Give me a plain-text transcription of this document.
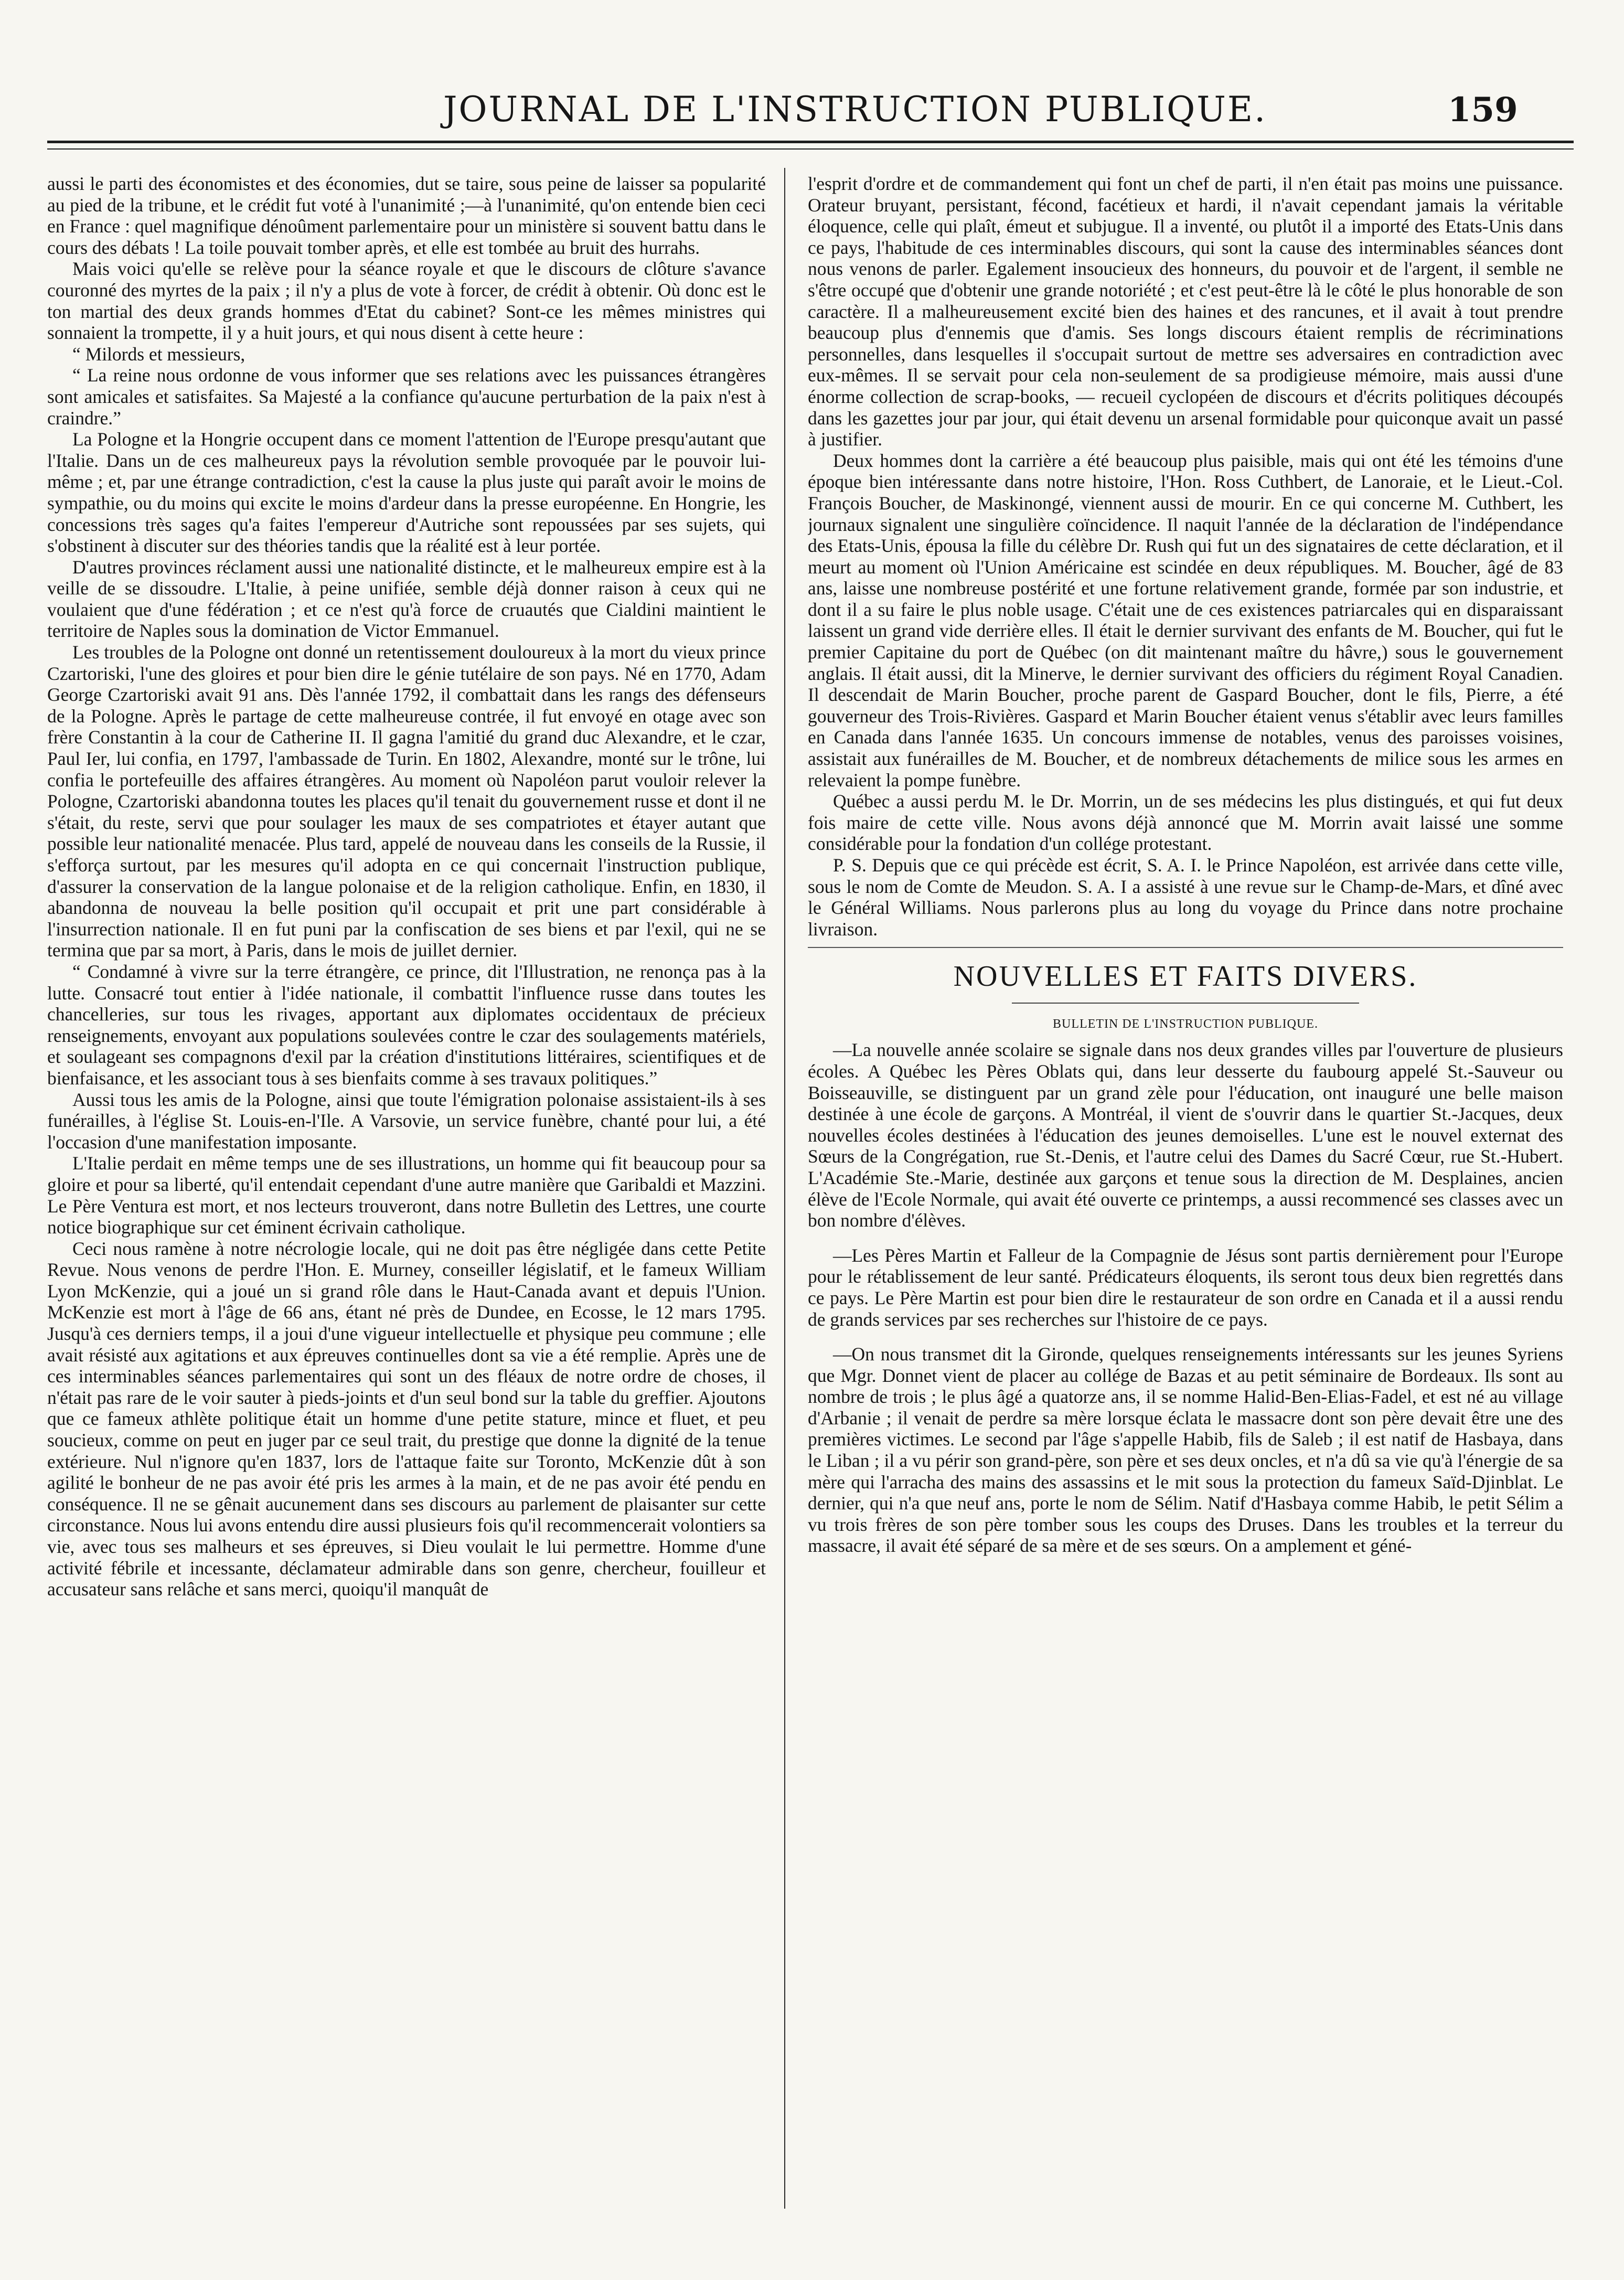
JOURNAL DE L'INSTRUCTION PUBLIQUE.	159

aussi le parti des économistes et des économies, dut se taire, sous peine de laisser sa popularité au pied de la tribune, et le crédit fut voté à l'unanimité ;—à l'unanimité, qu'on entende bien ceci en France : quel magnifique dénoûment parlementaire pour un ministère si souvent battu dans le cours des débats ! La toile pouvait tomber après, et elle est tombée au bruit des hurrahs.

Mais voici qu'elle se relève pour la séance royale et que le discours de clôture s'avance couronné des myrtes de la paix ; il n'y a plus de vote à forcer, de crédit à obtenir. Où donc est le ton martial des deux grands hommes d'Etat du cabinet? Sont-ce les mêmes ministres qui sonnaient la trompette, il y a huit jours, et qui nous disent à cette heure :

“ Milords et messieurs,

“ La reine nous ordonne de vous informer que ses relations avec les puissances étrangères sont amicales et satisfaites. Sa Majesté a la confiance qu'aucune perturbation de la paix n'est à craindre.”

La Pologne et la Hongrie occupent dans ce moment l'attention de l'Europe presqu'autant que l'Italie. Dans un de ces malheureux pays la révolution semble provoquée par le pouvoir lui-même ; et, par une étrange contradiction, c'est la cause la plus juste qui paraît avoir le moins de sympathie, ou du moins qui excite le moins d'ardeur dans la presse européenne. En Hongrie, les concessions très sages qu'a faites l'empereur d'Autriche sont repoussées par ses sujets, qui s'obstinent à discuter sur des théories tandis que la réalité est à leur portée.

D'autres provinces réclament aussi une nationalité distincte, et le malheureux empire est à la veille de se dissoudre. L'Italie, à peine unifiée, semble déjà donner raison à ceux qui ne voulaient que d'une fédération ; et ce n'est qu'à force de cruautés que Cialdini maintient le territoire de Naples sous la domination de Victor Emmanuel.

Les troubles de la Pologne ont donné un retentissement douloureux à la mort du vieux prince Czartoriski, l'une des gloires et pour bien dire le génie tutélaire de son pays. Né en 1770, Adam George Czartoriski avait 91 ans. Dès l'année 1792, il combattait dans les rangs des défenseurs de la Pologne. Après le partage de cette malheureuse contrée, il fut envoyé en otage avec son frère Constantin à la cour de Catherine II. Il gagna l'amitié du grand duc Alexandre, et le czar, Paul Ier, lui confia, en 1797, l'ambassade de Turin. En 1802, Alexandre, monté sur le trône, lui confia le portefeuille des affaires étrangères. Au moment où Napoléon parut vouloir relever la Pologne, Czartoriski abandonna toutes les places qu'il tenait du gouvernement russe et dont il ne s'était, du reste, servi que pour soulager les maux de ses compatriotes et étayer autant que possible leur nationalité menacée. Plus tard, appelé de nouveau dans les conseils de la Russie, il s'efforça surtout, par les mesures qu'il adopta en ce qui concernait l'instruction publique, d'assurer la conservation de la langue polonaise et de la religion catholique. Enfin, en 1830, il abandonna de nouveau la belle position qu'il occupait et prit une part considérable à l'insurrection nationale. Il en fut puni par la confiscation de ses biens et par l'exil, qui ne se termina que par sa mort, à Paris, dans le mois de juillet dernier.

“ Condamné à vivre sur la terre étrangère, ce prince, dit l'Illustration, ne renonça pas à la lutte. Consacré tout entier à l'idée nationale, il combattit l'influence russe dans toutes les chancelleries, sur tous les rivages, apportant aux diplomates occidentaux de précieux renseignements, envoyant aux populations soulevées contre le czar des soulagements matériels, et soulageant ses compagnons d'exil par la création d'institutions littéraires, scientifiques et de bienfaisance, et les associant tous à ses bienfaits comme à ses travaux politiques.”

Aussi tous les amis de la Pologne, ainsi que toute l'émigration polonaise assistaient-ils à ses funérailles, à l'église St. Louis-en-l'Ile. A Varsovie, un service funèbre, chanté pour lui, a été l'occasion d'une manifestation imposante.

L'Italie perdait en même temps une de ses illustrations, un homme qui fit beaucoup pour sa gloire et pour sa liberté, qu'il entendait cependant d'une autre manière que Garibaldi et Mazzini. Le Père Ventura est mort, et nos lecteurs trouveront, dans notre Bulletin des Lettres, une courte notice biographique sur cet éminent écrivain catholique.

Ceci nous ramène à notre nécrologie locale, qui ne doit pas être négligée dans cette Petite Revue. Nous venons de perdre l'Hon. E. Murney, conseiller législatif, et le fameux William Lyon McKenzie, qui a joué un si grand rôle dans le Haut-Canada avant et depuis l'Union. McKenzie est mort à l'âge de 66 ans, étant né près de Dundee, en Ecosse, le 12 mars 1795. Jusqu'à ces derniers temps, il a joui d'une vigueur intellectuelle et physique peu commune ; elle avait résisté aux agitations et aux épreuves continuelles dont sa vie a été remplie. Après une de ces interminables séances parlementaires qui sont un des fléaux de notre ordre de choses, il n'était pas rare de le voir sauter à pieds-joints et d'un seul bond sur la table du greffier. Ajoutons que ce fameux athlète politique était un homme d'une petite stature, mince et fluet, et peu soucieux, comme on peut en juger par ce seul trait, du prestige que donne la dignité de la tenue extérieure. Nul n'ignore qu'en 1837, lors de l'attaque faite sur Toronto, McKenzie dût à son agilité le bonheur de ne pas avoir été pris les armes à la main, et de ne pas avoir été pendu en conséquence. Il ne se gênait aucunement dans ses discours au parlement de plaisanter sur cette circonstance. Nous lui avons entendu dire aussi plusieurs fois qu'il recommencerait volontiers sa vie, avec tous ses malheurs et ses épreuves, si Dieu voulait le lui permettre. Homme d'une activité fébrile et incessante, déclamateur admirable dans son genre, chercheur, fouilleur et accusateur sans relâche et sans merci, quoiqu'il manquât de

l'esprit d'ordre et de commandement qui font un chef de parti, il n'en était pas moins une puissance. Orateur bruyant, persistant, fécond, facétieux et hardi, il n'avait cependant jamais la véritable éloquence, celle qui plaît, émeut et subjugue. Il a inventé, ou plutôt il a importé des Etats-Unis dans ce pays, l'habitude de ces interminables discours, qui sont la cause des interminables séances dont nous venons de parler. Egalement insoucieux des honneurs, du pouvoir et de l'argent, il semble ne s'être occupé que d'obtenir une grande notoriété ; et c'est peut-être là le côté le plus honorable de son caractère. Il a malheureusement excité bien des haines et des rancunes, et il avait à tout prendre beaucoup plus d'ennemis que d'amis. Ses longs discours étaient remplis de récriminations personnelles, dans lesquelles il s'occupait surtout de mettre ses adversaires en contradiction avec eux-mêmes. Il se servait pour cela non-seulement de sa prodigieuse mémoire, mais aussi d'une énorme collection de scrap-books, — recueil cyclopéen de discours et d'écrits politiques découpés dans les gazettes jour par jour, qui était devenu un arsenal formidable pour quiconque avait un passé à justifier.

Deux hommes dont la carrière a été beaucoup plus paisible, mais qui ont été les témoins d'une époque bien intéressante dans notre histoire, l'Hon. Ross Cuthbert, de Lanoraie, et le Lieut.-Col. François Boucher, de Maskinongé, viennent aussi de mourir. En ce qui concerne M. Cuthbert, les journaux signalent une singulière coïncidence. Il naquit l'année de la déclaration de l'indépendance des Etats-Unis, épousa la fille du célèbre Dr. Rush qui fut un des signataires de cette déclaration, et il meurt au moment où l'Union Américaine est scindée en deux républiques. M. Boucher, âgé de 83 ans, laisse une nombreuse postérité et une fortune relativement grande, formée par son industrie, et dont il a su faire le plus noble usage. C'était une de ces existences patriarcales qui en disparaissant laissent un grand vide derrière elles. Il était le dernier survivant des enfants de M. Boucher, qui fut le premier Capitaine du port de Québec (on dit maintenant maître du hâvre,) sous le gouvernement anglais. Il était aussi, dit la Minerve, le dernier survivant des officiers du régiment Royal Canadien. Il descendait de Marin Boucher, proche parent de Gaspard Boucher, dont le fils, Pierre, a été gouverneur des Trois-Rivières. Gaspard et Marin Boucher étaient venus s'établir avec leurs familles en Canada dans l'année 1635. Un concours immense de notables, venus des paroisses voisines, assistait aux funérailles de M. Boucher, et de nombreux détachements de milice sous les armes en relevaient la pompe funèbre.

Québec a aussi perdu M. le Dr. Morrin, un de ses médecins les plus distingués, et qui fut deux fois maire de cette ville. Nous avons déjà annoncé que M. Morrin avait laissé une somme considérable pour la fondation d'un collége protestant.

P. S. Depuis que ce qui précède est écrit, S. A. I. le Prince Napoléon, est arrivée dans cette ville, sous le nom de Comte de Meudon. S. A. I a assisté à une revue sur le Champ-de-Mars, et dîné avec le Général Williams. Nous parlerons plus au long du voyage du Prince dans notre prochaine livraison.

NOUVELLES ET FAITS DIVERS.
BULLETIN DE L'INSTRUCTION PUBLIQUE.

—La nouvelle année scolaire se signale dans nos deux grandes villes par l'ouverture de plusieurs écoles. A Québec les Pères Oblats qui, dans leur desserte du faubourg appelé St.-Sauveur ou Boisseauville, se distinguent par un grand zèle pour l'éducation, ont inauguré une belle maison destinée à une école de garçons. A Montréal, il vient de s'ouvrir dans le quartier St.-Jacques, deux nouvelles écoles destinées à l'éducation des jeunes demoiselles. L'une est le nouvel externat des Sœurs de la Congrégation, rue St.-Denis, et l'autre celui des Dames du Sacré Cœur, rue St.-Hubert. L'Académie Ste.-Marie, destinée aux garçons et tenue sous la direction de M. Desplaines, ancien élève de l'Ecole Normale, qui avait été ouverte ce printemps, a aussi recommencé ses classes avec un bon nombre d'élèves.

—Les Pères Martin et Falleur de la Compagnie de Jésus sont partis dernièrement pour l'Europe pour le rétablissement de leur santé. Prédicateurs éloquents, ils seront tous deux bien regrettés dans ce pays. Le Père Martin est pour bien dire le restaurateur de son ordre en Canada et il a aussi rendu de grands services par ses recherches sur l'histoire de ce pays.

—On nous transmet dit la Gironde, quelques renseignements intéressants sur les jeunes Syriens que Mgr. Donnet vient de placer au collége de Bazas et au petit séminaire de Bordeaux. Ils sont au nombre de trois ; le plus âgé a quatorze ans, il se nomme Halid-Ben-Elias-Fadel, et est né au village d'Arbanie ; il venait de perdre sa mère lorsque éclata le massacre dont son père devait être une des premières victimes. Le second par l'âge s'appelle Habib, fils de Saleb ; il est natif de Hasbaya, dans le Liban ; il a vu périr son grand-père, son père et ses deux oncles, et n'a dû sa vie qu'à l'énergie de sa mère qui l'arracha des mains des assassins et le mit sous la protection du fameux Saïd-Djinblat. Le dernier, qui n'a que neuf ans, porte le nom de Sélim. Natif d'Hasbaya comme Habib, le petit Sélim a vu trois frères de son père tomber sous les coups des Druses. Dans les troubles et la terreur du massacre, il avait été séparé de sa mère et de ses sœurs. On a amplement et géné-
